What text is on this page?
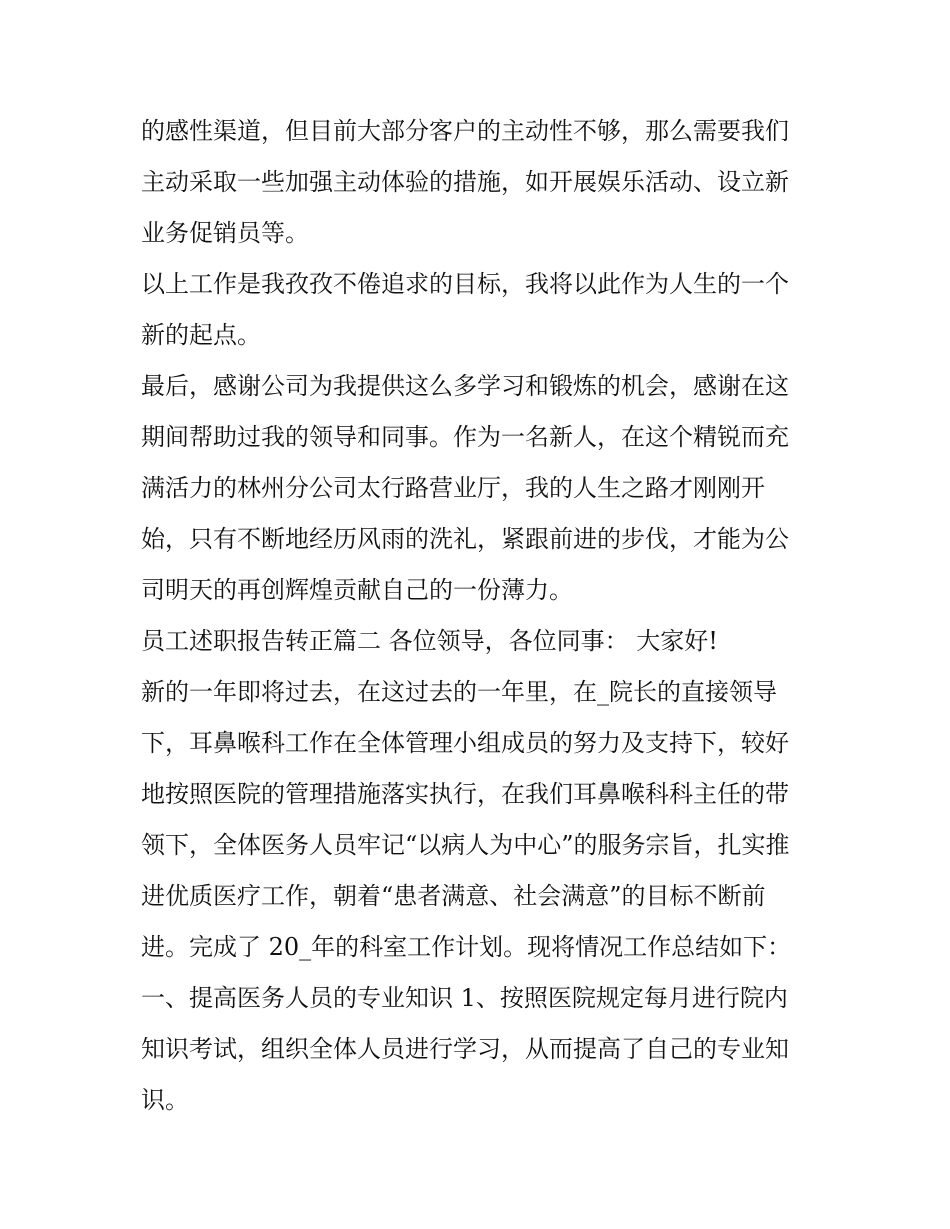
的感性渠道，但目前大部分客户的主动性不够，那么需要我们
主动采取一些加强主动体验的措施，如开展娱乐活动、设立新
业务促销员等。
以上工作是我孜孜不倦追求的目标，我将以此作为人生的一个
新的起点。
最后，感谢公司为我提供这么多学习和锻炼的机会，感谢在这
期间帮助过我的领导和同事。作为一名新人，在这个精锐而充
满活力的林州分公司太行路营业厅，我的人生之路才刚刚开
始，只有不断地经历风雨的洗礼，紧跟前进的步伐，才能为公
司明天的再创辉煌贡献自己的一份薄力。
员工述职报告转正篇二 各位领导，各位同事： 大家好!
新的一年即将过去，在这过去的一年里，在_院长的直接领导
下，耳鼻喉科工作在全体管理小组成员的努力及支持下，较好
地按照医院的管理措施落实执行，在我们耳鼻喉科科主任的带
领下，全体医务人员牢记“以病人为中心”的服务宗旨，扎实推
进优质医疗工作，朝着“患者满意、社会满意”的目标不断前
进。完成了 20_年的科室工作计划。现将情况工作总结如下：
一、提高医务人员的专业知识 1、按照医院规定每月进行院内
知识考试，组织全体人员进行学习，从而提高了自己的专业知
识。
